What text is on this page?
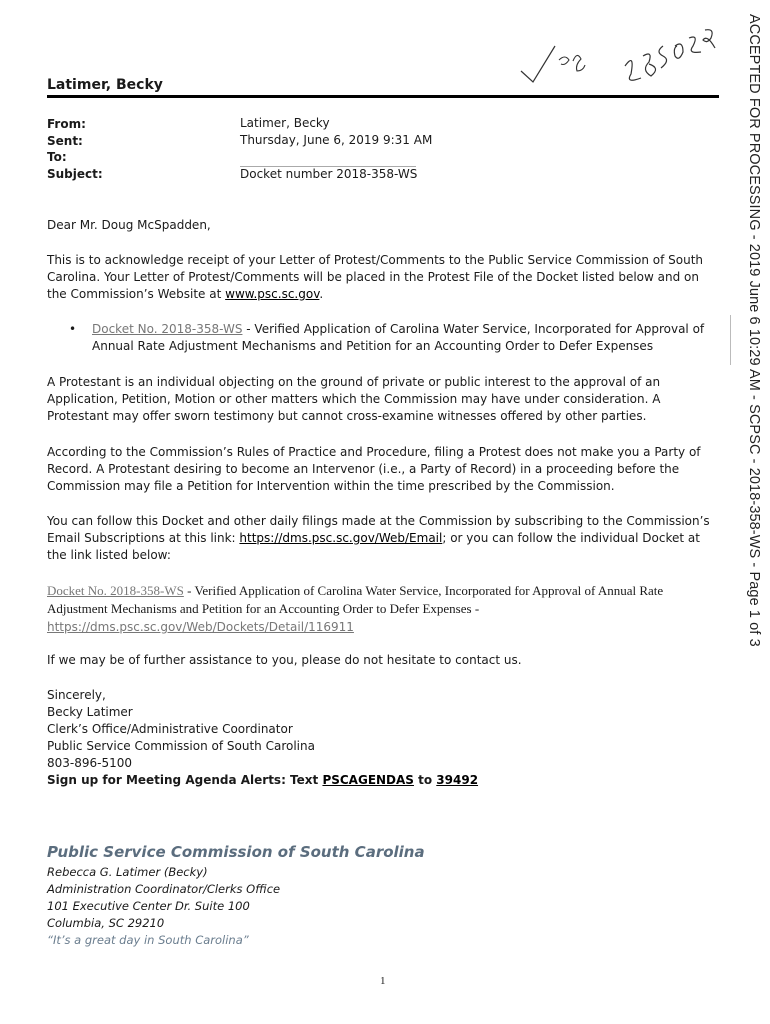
285029
Latimer, Becky
From:	Latimer, Becky
Sent:	Thursday, June 6, 2019 9:31 AM
To:
Subject:	Docket number 2018-358-WS
Dear Mr. Doug McSpadden,
This is to acknowledge receipt of your Letter of Protest/Comments to the Public Service Commission of South Carolina. Your Letter of Protest/Comments will be placed in the Protest File of the Docket listed below and on the Commission’s Website at www.psc.sc.gov.
• Docket No. 2018-358-WS - Verified Application of Carolina Water Service, Incorporated for Approval of Annual Rate Adjustment Mechanisms and Petition for an Accounting Order to Defer Expenses
A Protestant is an individual objecting on the ground of private or public interest to the approval of an Application, Petition, Motion or other matters which the Commission may have under consideration. A Protestant may offer sworn testimony but cannot cross-examine witnesses offered by other parties.
According to the Commission’s Rules of Practice and Procedure, filing a Protest does not make you a Party of Record. A Protestant desiring to become an Intervenor (i.e., a Party of Record) in a proceeding before the Commission may file a Petition for Intervention within the time prescribed by the Commission.
You can follow this Docket and other daily filings made at the Commission by subscribing to the Commission’s Email Subscriptions at this link: https://dms.psc.sc.gov/Web/Email; or you can follow the individual Docket at the link listed below:
Docket No. 2018-358-WS - Verified Application of Carolina Water Service, Incorporated for Approval of Annual Rate Adjustment Mechanisms and Petition for an Accounting Order to Defer Expenses - https://dms.psc.sc.gov/Web/Dockets/Detail/116911
If we may be of further assistance to you, please do not hesitate to contact us.
Sincerely,
Becky Latimer
Clerk’s Office/Administrative Coordinator
Public Service Commission of South Carolina
803-896-5100
Sign up for Meeting Agenda Alerts: Text PSCAGENDAS to 39492
Public Service Commission of South Carolina
Rebecca G. Latimer (Becky)
Administration Coordinator/Clerks Office
101 Executive Center Dr. Suite 100
Columbia, SC 29210
“It’s a great day in South Carolina”
1
ACCEPTED FOR PROCESSING - 2019 June 6 10:29 AM - SCPSC - 2018-358-WS - Page 1 of 3
